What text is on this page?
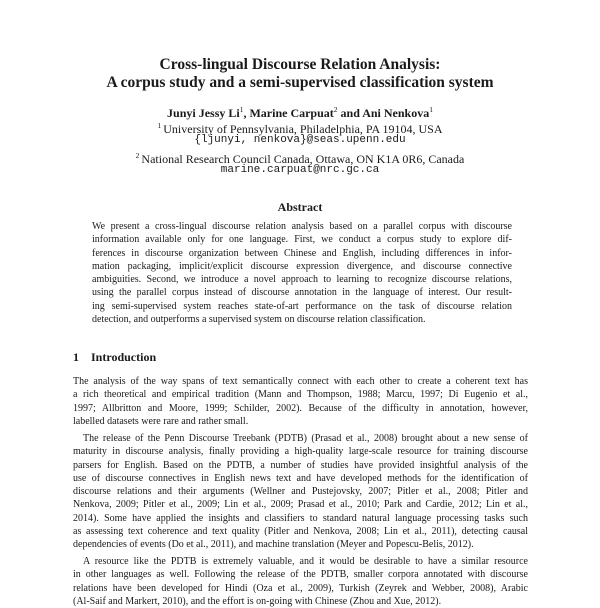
Cross-lingual Discourse Relation Analysis:
A corpus study and a semi-supervised classification system
Junyi Jessy Li$^1$, Marine Carpuat$^2$ and Ani Nenkova$^1$
$^1$ University of Pennsylvania, Philadelphia, PA 19104, USA
{ljunyi, nenkova}@seas.upenn.edu
$^2$ National Research Council Canada, Ottawa, ON K1A 0R6, Canada
marine.carpuat@nrc.gc.ca
Abstract
We present a cross-lingual discourse relation analysis based on a parallel corpus with discourse
information available only for one language. First, we conduct a corpus study to explore dif-
ferences in discourse organization between Chinese and English, including differences in infor-
mation packaging, implicit/explicit discourse expression divergence, and discourse connective
ambiguities. Second, we introduce a novel approach to learning to recognize discourse relations,
using the parallel corpus instead of discourse annotation in the language of interest. Our result-
ing semi-supervised system reaches state-of-art performance on the task of discourse relation
detection, and outperforms a supervised system on discourse relation classification.
1 Introduction
The analysis of the way spans of text semantically connect with each other to create a coherent text has
a rich theoretical and empirical tradition (Mann and Thompson, 1988; Marcu, 1997; Di Eugenio et al.,
1997; Allbritton and Moore, 1999; Schilder, 2002). Because of the difficulty in annotation, however,
labelled datasets were rare and rather small.
The release of the Penn Discourse Treebank (PDTB) (Prasad et al., 2008) brought about a new sense of
maturity in discourse analysis, finally providing a high-quality large-scale resource for training discourse
parsers for English. Based on the PDTB, a number of studies have provided insightful analysis of the
use of discourse connectives in English news text and have developed methods for the identification of
discourse relations and their arguments (Wellner and Pustejovsky, 2007; Pitler et al., 2008; Pitler and
Nenkova, 2009; Pitler et al., 2009; Lin et al., 2009; Prasad et al., 2010; Park and Cardie, 2012; Lin et al.,
2014). Some have applied the insights and classifiers to standard natural language processing tasks such
as assessing text coherence and text quality (Pitler and Nenkova, 2008; Lin et al., 2011), detecting causal
dependencies of events (Do et al., 2011), and machine translation (Meyer and Popescu-Belis, 2012).
A resource like the PDTB is extremely valuable, and it would be desirable to have a similar resource
in other languages as well. Following the release of the PDTB, smaller corpora annotated with discourse
relations have been developed for Hindi (Oza et al., 2009), Turkish (Zeyrek and Webber, 2008), Arabic
(Al-Saif and Markert, 2010), and the effort is on-going with Chinese (Zhou and Xue, 2012).
